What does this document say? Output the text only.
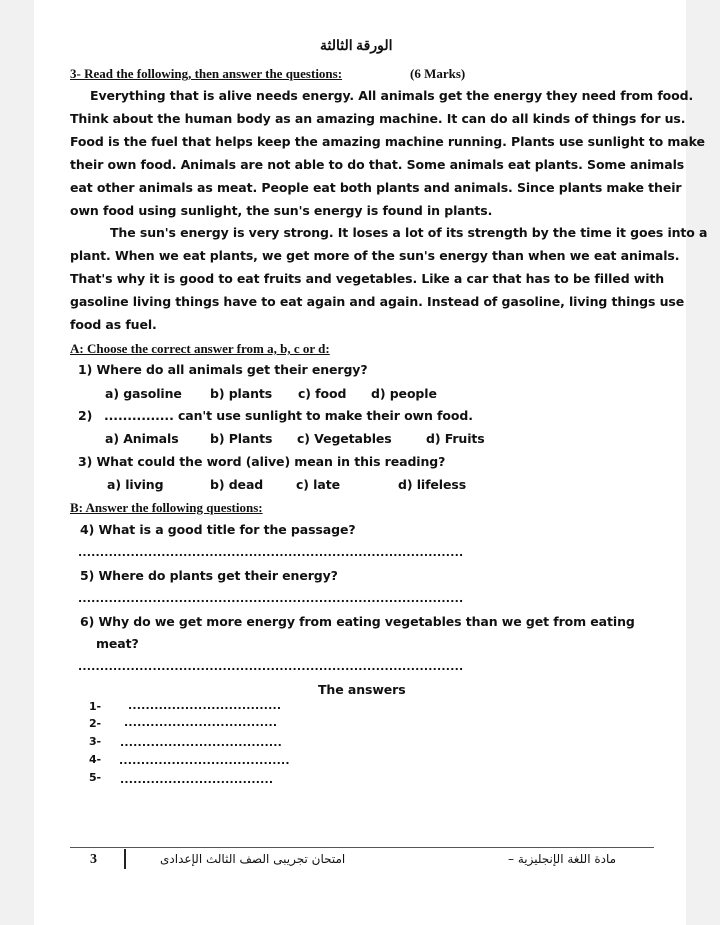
الورقة الثالثة
3- Read the following, then answer the questions:	(6 Marks)
Everything that is alive needs energy. All animals get the energy they need from food.
Think about the human body as an amazing machine. It can do all kinds of things for us.
Food is the fuel that helps keep the amazing machine running. Plants use sunlight to make
their own food. Animals are not able to do that. Some animals eat plants. Some animals
eat other animals as meat. People eat both plants and animals. Since plants make their
own food using sunlight, the sun's energy is found in plants.
The sun's energy is very strong. It loses a lot of its strength by the time it goes into a
plant. When we eat plants, we get more of the sun's energy than when we eat animals.
That's why it is good to eat fruits and vegetables. Like a car that has to be filled with
gasoline living things have to eat again and again. Instead of gasoline, living things use
food as fuel.
A: Choose the correct answer from a, b, c or d:
1) Where do all animals get their energy?
a) gasoline b) plants c) food d) people
2) ............... can't use sunlight to make their own food.
a) Animals	b) Plants c) Vegetables	d) Fruits
3) What could the word (alive) mean in this reading?
a) living	b) dead	c) late	d) lifeless
B: Answer the following questions:
4) What is a good title for the passage?
........................................................................................
5) Where do plants get their energy?
........................................................................................
6) Why do we get more energy from eating vegetables than we get from eating
meat?
........................................................................................
The answers
1- ...................................
2- ...................................
3- .....................................
4- .......................................
5- ...................................
3	امتحان تجريبى الصف الثالث الإعدادى	مادة اللغة الإنجليزية –
